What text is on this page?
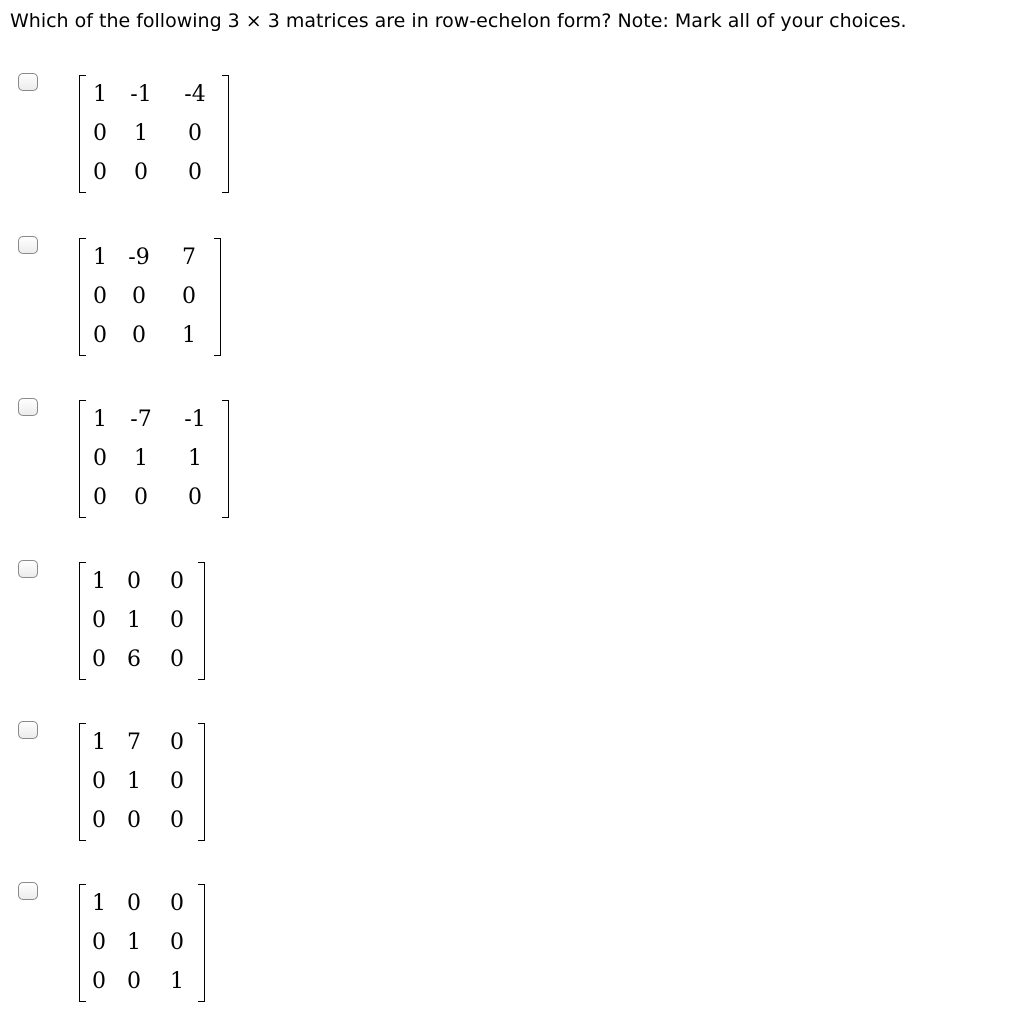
Which of the following 3 × 3 matrices are in row-echelon form? Note: Mark all of your choices.
1	-1	-4
0	1	0
0	0	0
1 -9	7
0	0	0
0	0	1
1	-7	-1
0	1	1
0	0	0
1 0	0
0 1	0
0 6	0
1 7	0
0 1	0
0 0	0
1 0	0
0 1	0
0 0	1
